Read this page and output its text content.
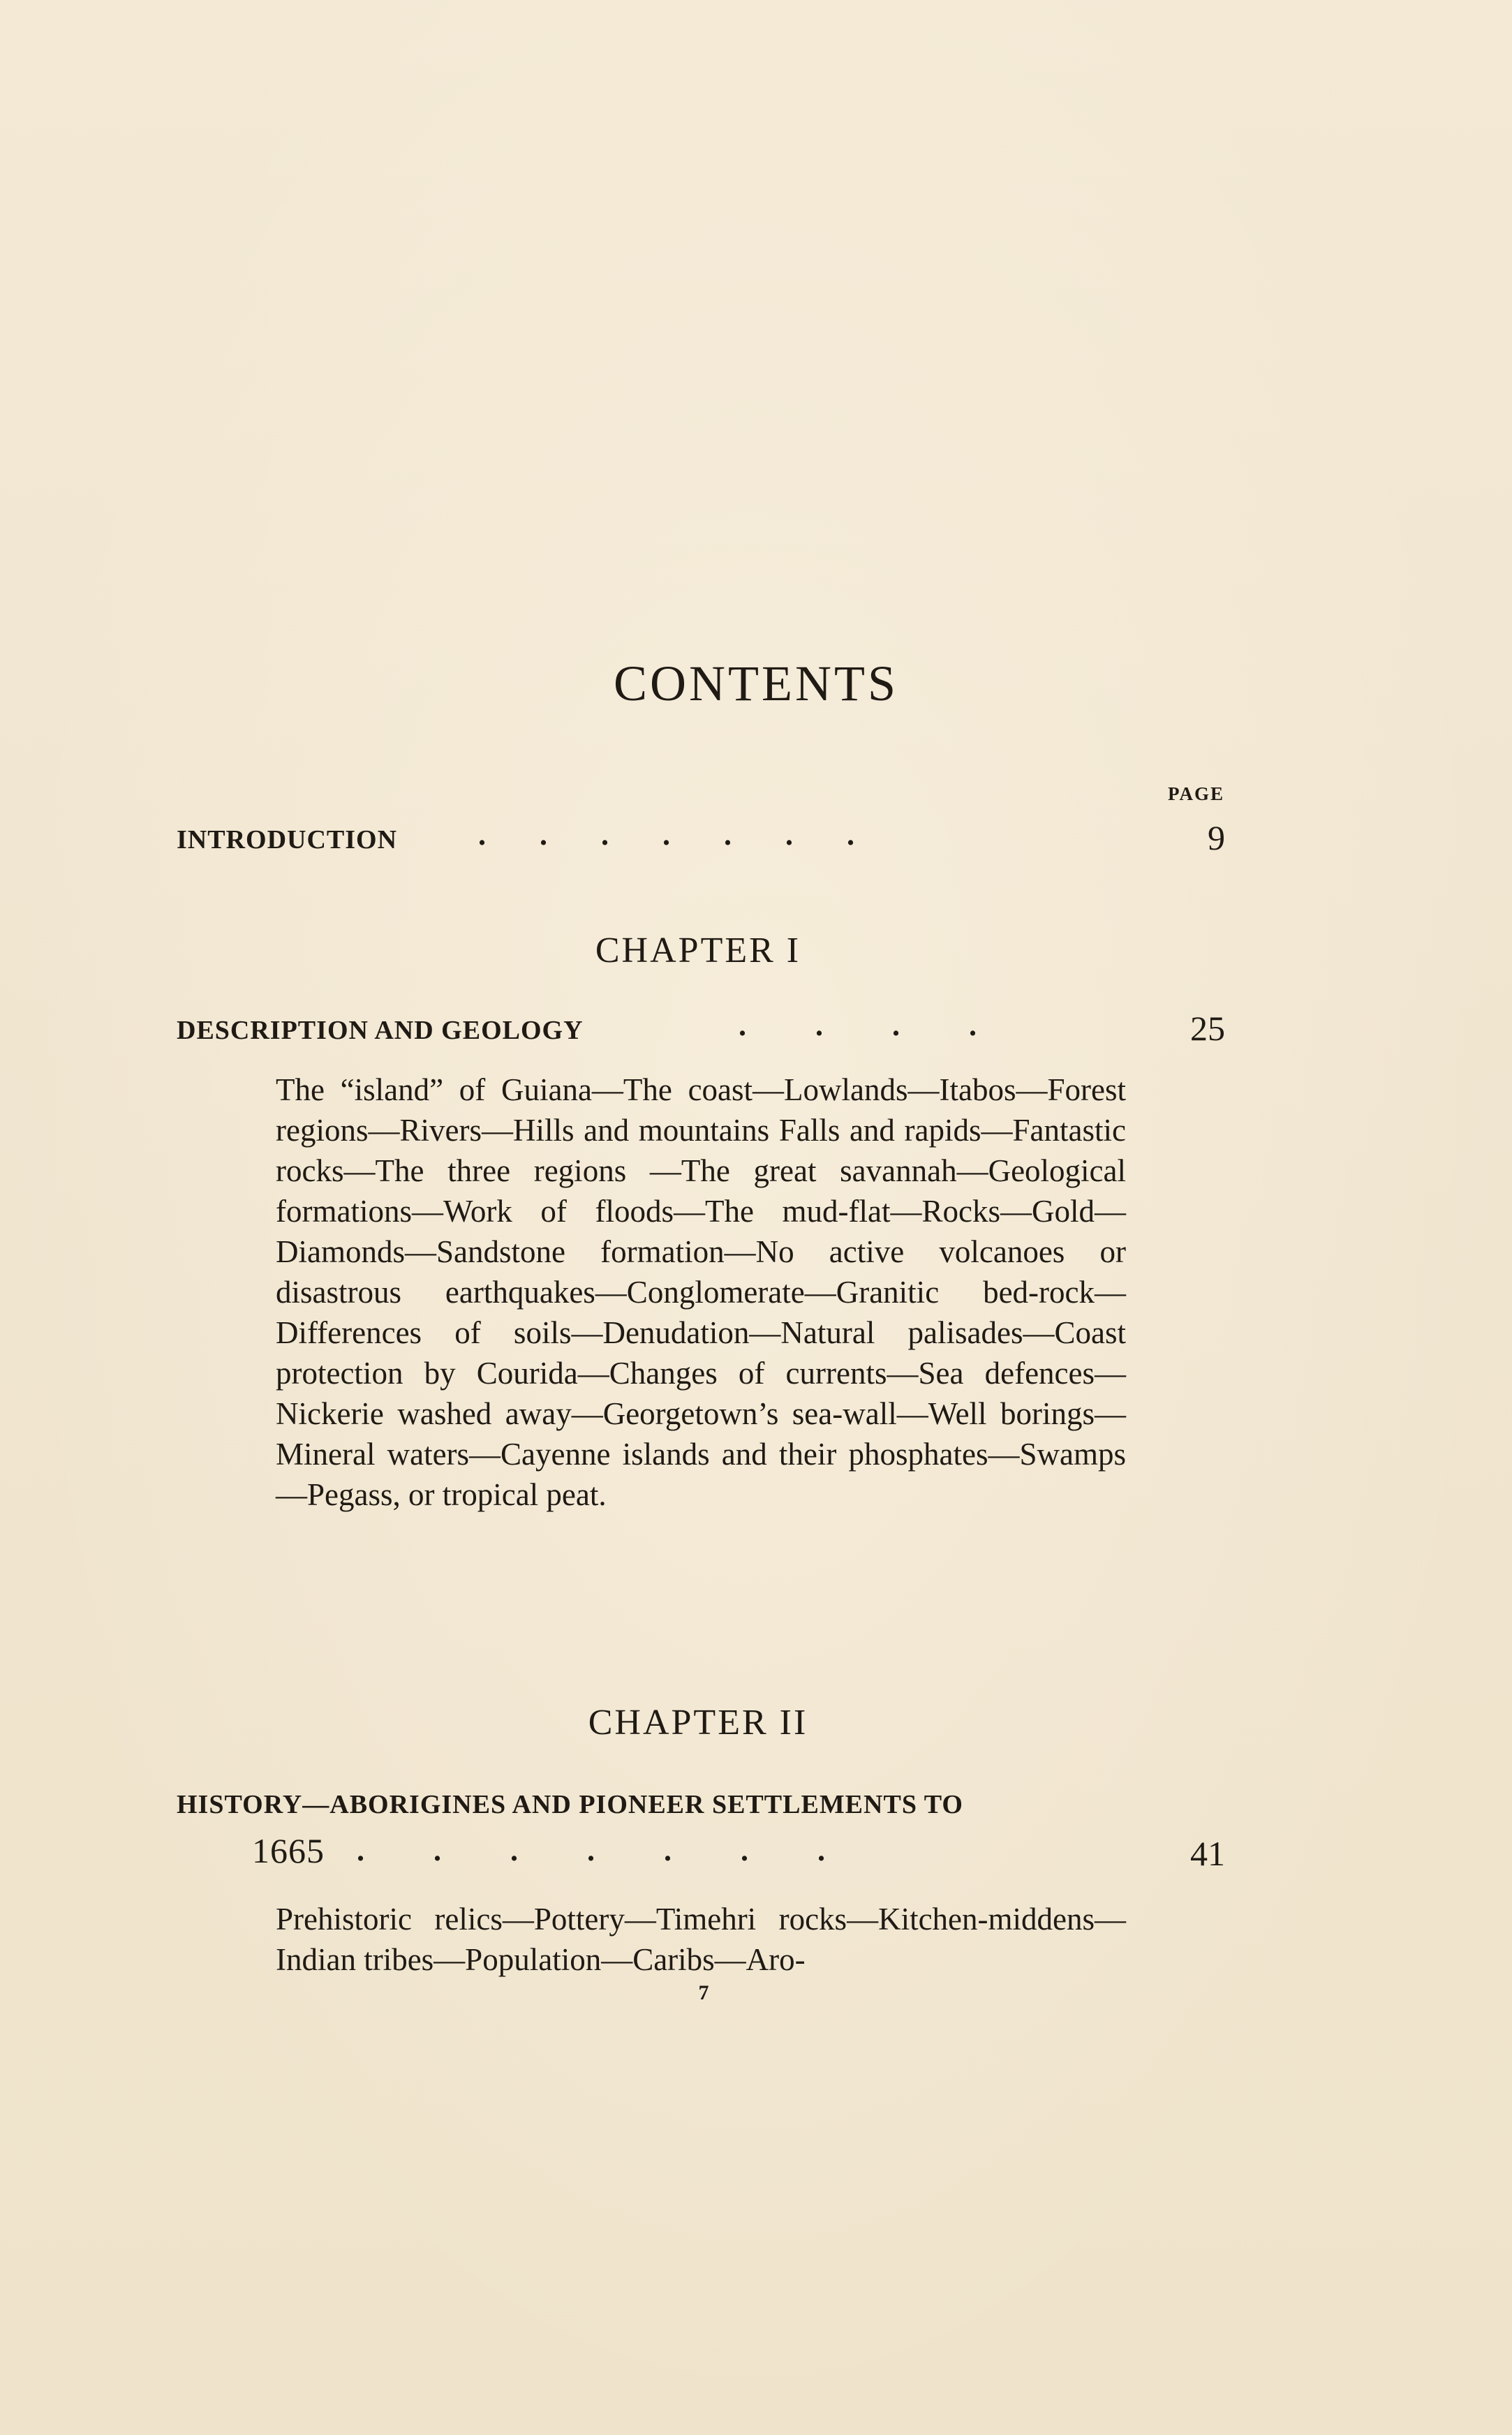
CONTENTS
PAGE
INTRODUCTION	.       .       .       .       .       .       .	9
CHAPTER I
DESCRIPTION AND GEOLOGY	.         .         .         .	25
The “island” of Guiana—The coast—Lowlands—Itabos—Forest regions—Rivers—Hills and mountains Falls and rapids—Fantastic rocks—The three regions —The great savannah—Geological formations—Work of floods—The mud-flat—Rocks—Gold—Diamonds—Sandstone formation—No active volcanoes or disastrous earthquakes—Conglomerate—Granitic bed-rock—Differences of soils—Denudation—Natural palisades—Coast protection by Courida—Changes of currents—Sea defences—Nickerie washed away—Georgetown’s sea-wall—Well borings—Mineral waters—Cayenne islands and their phosphates—Swamps—Pegass, or tropical peat.
CHAPTER II
HISTORY—ABORIGINES AND PIONEER SETTLEMENTS TO
1665 .         .         .         .         .         .         .	41
Prehistoric relics—Pottery—Timehri rocks—Kitchen-middens—Indian tribes—Population—Caribs—Aro-
7
